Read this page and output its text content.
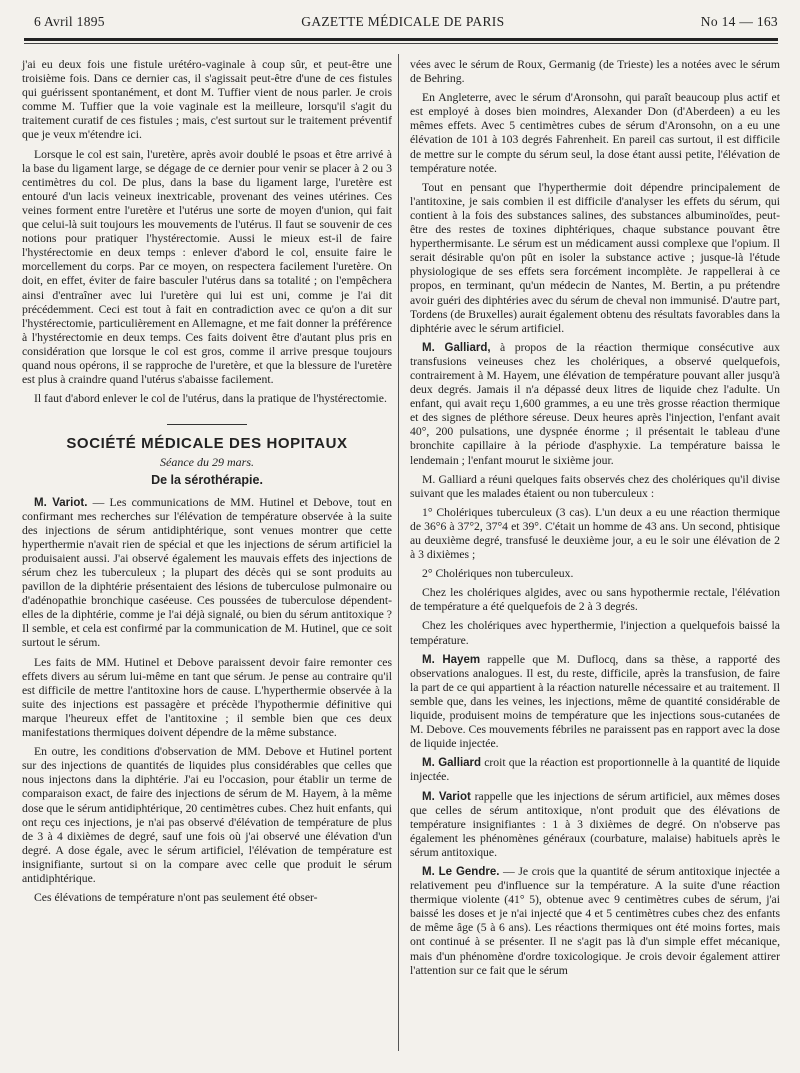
6 Avril 1895	GAZETTE MÉDICALE DE PARIS	No 14 — 163

j'ai eu deux fois une fistule urétéro-vaginale à coup sûr, et peut-être une troisième fois. Dans ce dernier cas, il s'agissait peut-être d'une de ces fistules qui guérissent spontanément, et dont M. Tuffier vient de nous parler. Je crois comme M. Tuffier que la voie vaginale est la meilleure, lorsqu'il s'agit du traitement curatif de ces fistules ; mais, c'est surtout sur le traitement préventif que je veux m'étendre ici.

Lorsque le col est sain, l'uretère, après avoir doublé le psoas et être arrivé à la base du ligament large, se dégage de ce dernier pour venir se placer à 2 ou 3 centimètres du col. De plus, dans la base du ligament large, l'uretère est entouré d'un lacis veineux inextricable, provenant des veines utérines. Ces veines forment entre l'uretère et l'utérus une sorte de moyen d'union, qui fait que celui-là suit toujours les mouvements de l'utérus. Il faut se souvenir de ces notions pour pratiquer l'hystérectomie. Aussi le mieux est-il de faire l'hystérectomie en deux temps : enlever d'abord le col, ensuite faire le morcellement du corps. Par ce moyen, on respectera facilement l'uretère. On doit, en effet, éviter de faire basculer l'utérus dans sa totalité ; on l'empêchera ainsi d'entraîner avec lui l'uretère qui lui est uni, comme je l'ai dit précédemment. Ceci est tout à fait en contradiction avec ce qu'on a dit sur l'hystérectomie, particulièrement en Allemagne, et me fait donner la préférence à l'hystérectomie en deux temps. Ces faits doivent être d'autant plus pris en considération que lorsque le col est gros, comme il arrive presque toujours quand nous opérons, il se rapproche de l'uretère, et que la blessure de l'uretère est plus à craindre quand l'utérus s'abaisse facilement.

Il faut d'abord enlever le col de l'utérus, dans la pratique de l'hystérectomie.

SOCIÉTÉ MÉDICALE DES HOPITAUX
Séance du 29 mars.
De la sérothérapie.

M. Variot. — Les communications de MM. Hutinel et Debove, tout en confirmant mes recherches sur l'élévation de température observée à la suite des injections de sérum antidiphtérique, sont venues montrer que cette hyperthermie n'avait rien de spécial et que les injections de sérum artificiel la produisaient aussi. J'ai observé également les mauvais effets des injections de sérum chez les tuberculeux ; la plupart des décès qui se sont produits au pavillon de la diphtérie présentaient des lésions de tuberculose pulmonaire ou d'adénopathie bronchique caséeuse. Ces poussées de tuberculose dépendent-elles de la diphtérie, comme je l'ai déjà signalé, ou bien du sérum antitoxique ? Il semble, et cela est confirmé par la communication de M. Hutinel, que ce soit surtout le sérum.

Les faits de MM. Hutinel et Debove paraissent devoir faire remonter ces effets divers au sérum lui-même en tant que sérum. Je pense au contraire qu'il est difficile de mettre l'antitoxine hors de cause. L'hyperthermie observée à la suite des injections est passagère et précède l'hypothermie définitive qui marque l'heureux effet de l'antitoxine ; il semble bien que ces deux manifestations thermiques doivent dépendre de la même substance.

En outre, les conditions d'observation de MM. Debove et Hutinel portent sur des injections de quantités de liquides plus considérables que celles que nous injectons dans la diphtérie. J'ai eu l'occasion, pour établir un terme de comparaison exact, de faire des injections de sérum de M. Hayem, à la même dose que le sérum antidiphtérique, 20 centimètres cubes. Chez huit enfants, qui ont reçu ces injections, je n'ai pas observé d'élévation de température de plus de 3 à 4 dixièmes de degré, sauf une fois où j'ai observé une élévation d'un degré. A dose égale, avec le sérum artificiel, l'élévation de température est insignifiante, surtout si on la compare avec celle que produit le sérum antidiphtérique.

Ces élévations de température n'ont pas seulement été obser-

vées avec le sérum de Roux, Germanig (de Trieste) les a notées avec le sérum de Behring.

En Angleterre, avec le sérum d'Aronsohn, qui paraît beaucoup plus actif et est employé à doses bien moindres, Alexander Don (d'Aberdeen) a eu les mêmes effets. Avec 5 centimètres cubes de sérum d'Aronsohn, on a eu une élévation de 101 à 103 degrés Fahrenheit. En pareil cas surtout, il est difficile de mettre sur le compte du sérum seul, la dose étant aussi petite, l'élévation de température notée.

Tout en pensant que l'hyperthermie doit dépendre principalement de l'antitoxine, je sais combien il est difficile d'analyser les effets du sérum, qui contient à la fois des substances salines, des substances albuminoïdes, peut-être des restes de toxines diphtériques, chaque substance pouvant être hyperthermisante. Le sérum est un médicament aussi complexe que l'opium. Il serait désirable qu'on pût en isoler la substance active ; jusque-là l'étude physiologique de ses effets sera forcément incomplète. Je rappellerai à ce propos, en terminant, qu'un médecin de Nantes, M. Bertin, a pu prétendre avoir guéri des diphtéries avec du sérum de cheval non immunisé. D'autre part, Tordens (de Bruxelles) aurait également obtenu des résultats favorables dans la diphtérie avec le sérum artificiel.

M. Galliard, à propos de la réaction thermique consécutive aux transfusions veineuses chez les cholériques, a observé quelquefois, contrairement à M. Hayem, une élévation de température pouvant aller jusqu'à deux degrés. Jamais il n'a dépassé deux litres de liquide chez l'adulte. Un enfant, qui avait reçu 1,600 grammes, a eu une très grosse réaction thermique et des signes de pléthore séreuse. Deux heures après l'injection, l'enfant avait 40°, 200 pulsations, une dyspnée énorme ; il présentait le tableau d'une bronchite capillaire à la période d'asphyxie. La température baissa le lendemain ; l'enfant mourut le sixième jour.

M. Galliard a réuni quelques faits observés chez des cholériques qu'il divise suivant que les malades étaient ou non tuberculeux :

1° Cholériques tuberculeux (3 cas). L'un deux a eu une réaction thermique de 36°6 à 37°2, 37°4 et 39°. C'était un homme de 43 ans. Un second, phtisique au deuxième degré, transfusé le deuxième jour, a eu le soir une élévation de 2 à 3 dixièmes ;

2° Cholériques non tuberculeux.

Chez les cholériques algides, avec ou sans hypothermie rectale, l'élévation de température a été quelquefois de 2 à 3 degrés.

Chez les cholériques avec hyperthermie, l'injection a quelquefois baissé la température.

M. Hayem rappelle que M. Duflocq, dans sa thèse, a rapporté des observations analogues. Il est, du reste, difficile, après la transfusion, de faire la part de ce qui appartient à la réaction naturelle nécessaire et au traitement. Il semble que, dans les veines, les injections, même de quantité considérable de liquide, produisent moins de température que les injections sous-cutanées de M. Debove. Ces mouvements fébriles ne paraissent pas en rapport avec la dose de liquide injectée.

M. Galliard croit que la réaction est proportionnelle à la quantité de liquide injectée.

M. Variot rappelle que les injections de sérum artificiel, aux mêmes doses que celles de sérum antitoxique, n'ont produit que des élévations de température insignifiantes : 1 à 3 dixièmes de degré. On n'observe pas également les phénomènes généraux (courbature, malaise) habituels après le sérum antitoxique.

M. Le Gendre. — Je crois que la quantité de sérum antitoxique injectée a relativement peu d'influence sur la température. A la suite d'une réaction thermique violente (41° 5), obtenue avec 9 centimètres cubes de sérum, j'ai baissé les doses et je n'ai injecté que 4 et 5 centimètres cubes chez des enfants de même âge (5 à 6 ans). Les réactions thermiques ont été moins fortes, mais ont continué à se présenter. Il ne s'agit pas là d'un simple effet mécanique, mais d'un phénomène d'ordre toxicologique. Je crois devoir également attirer l'attention sur ce fait que le sérum
